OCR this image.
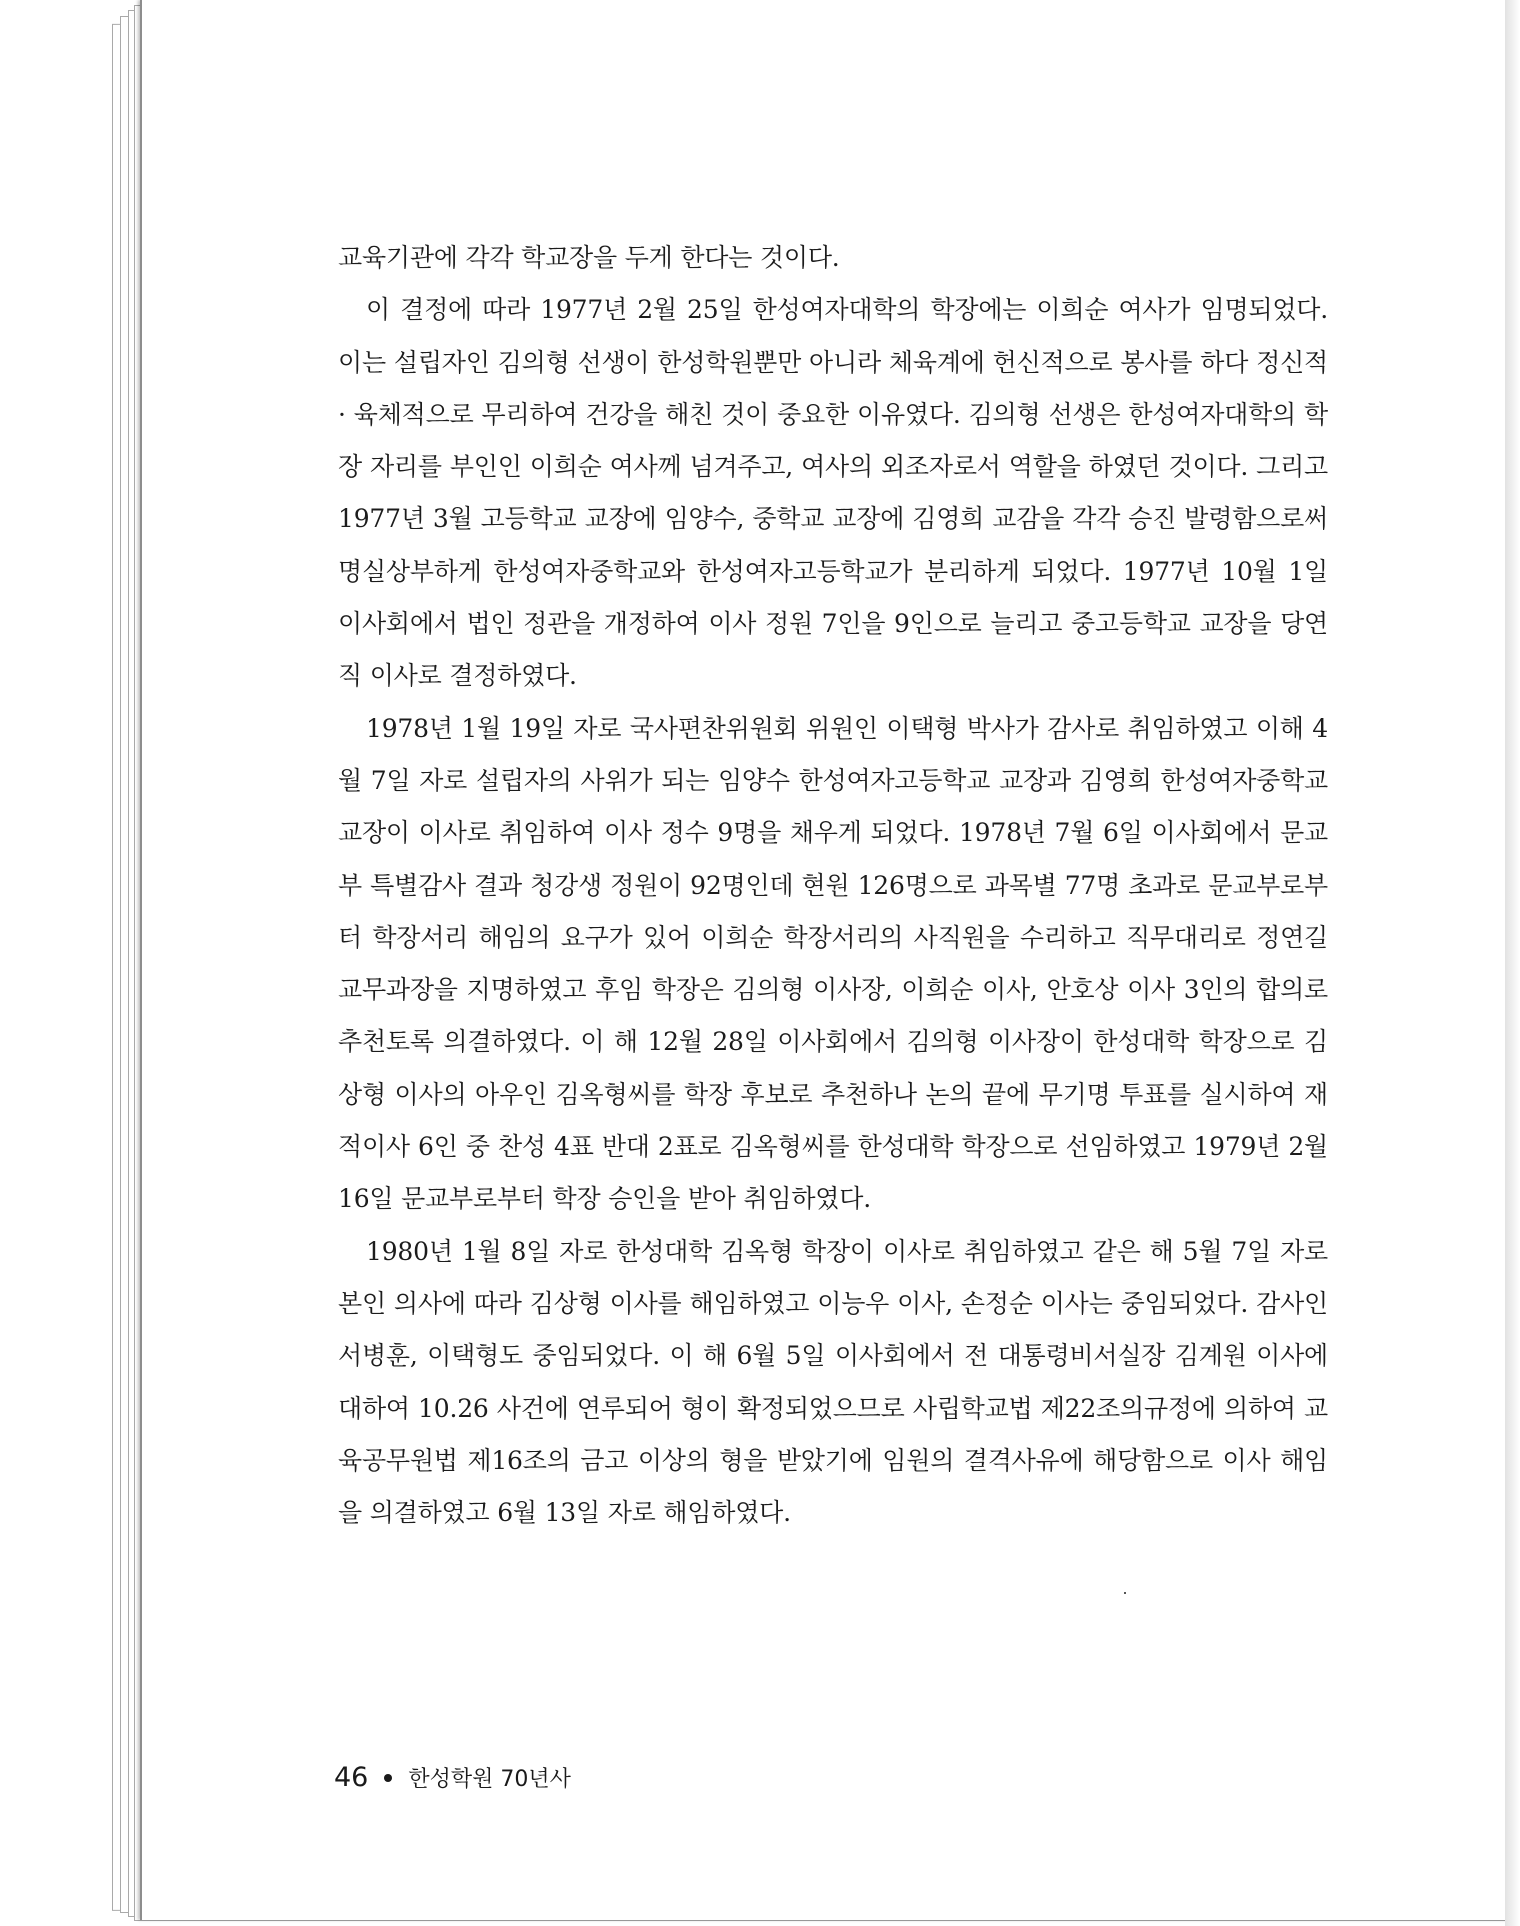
교육기관에 각각 학교장을 두게 한다는 것이다.

이 결정에 따라 1977년 2월 25일 한성여자대학의 학장에는 이희순 여사가 임명되었다. 이는 설립자인 김의형 선생이 한성학원뿐만 아니라 체육계에 헌신적으로 봉사를 하다 정신적 · 육체적으로 무리하여 건강을 해친 것이 중요한 이유였다. 김의형 선생은 한성여자대학의 학장 자리를 부인인 이희순 여사께 넘겨주고, 여사의 외조자로서 역할을 하였던 것이다. 그리고 1977년 3월 고등학교 교장에 임양수, 중학교 교장에 김영희 교감을 각각 승진 발령함으로써 명실상부하게 한성여자중학교와 한성여자고등학교가 분리하게 되었다. 1977년 10월 1일 이사회에서 법인 정관을 개정하여 이사 정원 7인을 9인으로 늘리고 중고등학교 교장을 당연직 이사로 결정하였다.

1978년 1월 19일 자로 국사편찬위원회 위원인 이택형 박사가 감사로 취임하였고 이해 4월 7일 자로 설립자의 사위가 되는 임양수 한성여자고등학교 교장과 김영희 한성여자중학교 교장이 이사로 취임하여 이사 정수 9명을 채우게 되었다. 1978년 7월 6일 이사회에서 문교부 특별감사 결과 청강생 정원이 92명인데 현원 126명으로 과목별 77명 초과로 문교부로부터 학장서리 해임의 요구가 있어 이희순 학장서리의 사직원을 수리하고 직무대리로 정연길 교무과장을 지명하였고 후임 학장은 김의형 이사장, 이희순 이사, 안호상 이사 3인의 합의로 추천토록 의결하였다. 이 해 12월 28일 이사회에서 김의형 이사장이 한성대학 학장으로 김상형 이사의 아우인 김옥형씨를 학장 후보로 추천하나 논의 끝에 무기명 투표를 실시하여 재적이사 6인 중 찬성 4표 반대 2표로 김옥형씨를 한성대학 학장으로 선임하였고 1979년 2월 16일 문교부로부터 학장 승인을 받아 취임하였다.

1980년 1월 8일 자로 한성대학 김옥형 학장이 이사로 취임하였고 같은 해 5월 7일 자로 본인 의사에 따라 김상형 이사를 해임하였고 이능우 이사, 손정순 이사는 중임되었다. 감사인 서병훈, 이택형도 중임되었다. 이 해 6월 5일 이사회에서 전 대통령비서실장 김계원 이사에 대하여 10.26 사건에 연루되어 형이 확정되었으므로 사립학교법 제22조의규정에 의하여 교육공무원법 제16조의 금고 이상의 형을 받았기에 임원의 결격사유에 해당함으로 이사 해임을 의결하였고 6월 13일 자로 해임하였다.

46 한성학원 70년사
